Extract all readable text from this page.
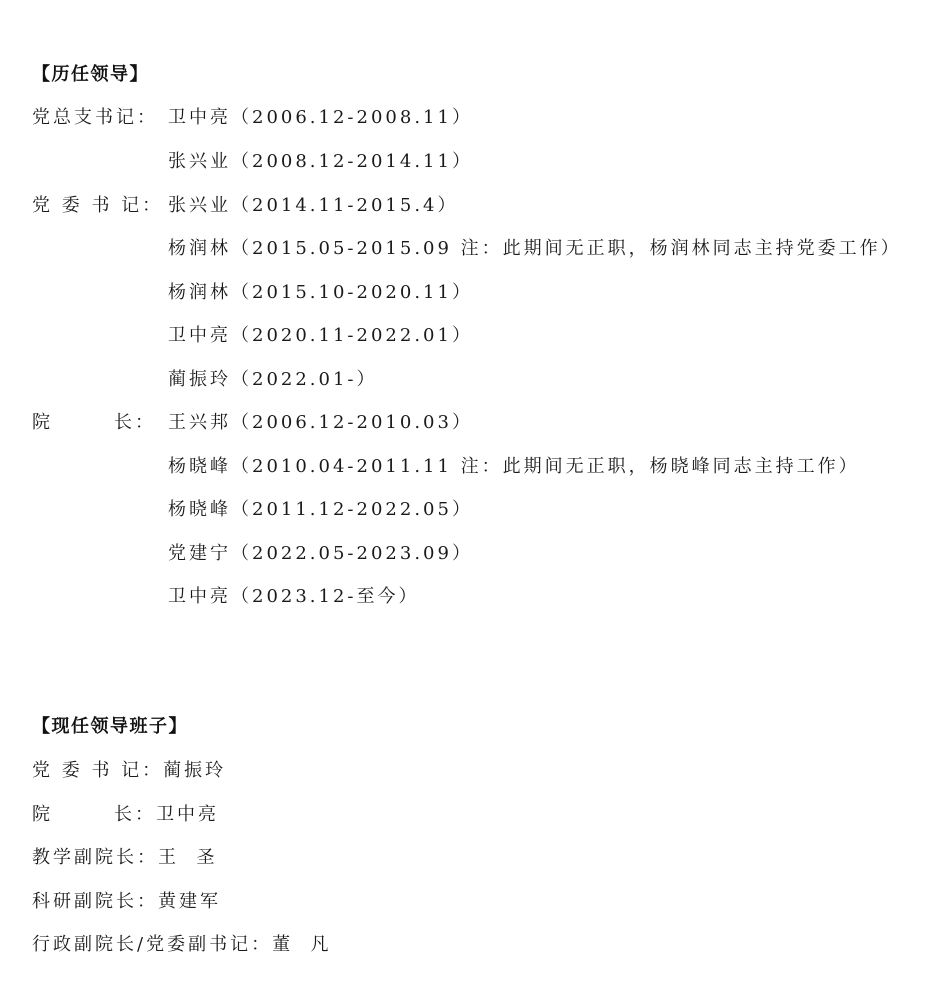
【历任领导】
党总支书记： 卫中亮（2006.12-2008.11）
张兴业（2008.12-2014.11）
党 委 书 记： 张兴业（2014.11-2015.4）
杨润林（2015.05-2015.09 注：此期间无正职，杨润林同志主持党委工作）
杨润林（2015.10-2020.11）
卫中亮（2020.11-2022.01）
蔺振玲（2022.01-）
院       长： 王兴邦（2006.12-2010.03）
杨晓峰（2010.04-2011.11 注：此期间无正职，杨晓峰同志主持工作）
杨晓峰（2011.12-2022.05）
党建宁（2022.05-2023.09）
卫中亮（2023.12-至今）
【现任领导班子】
党 委 书 记：蔺振玲
院       长：卫中亮
教学副院长：王  圣
科研副院长：黄建军
行政副院长/党委副书记：董  凡
